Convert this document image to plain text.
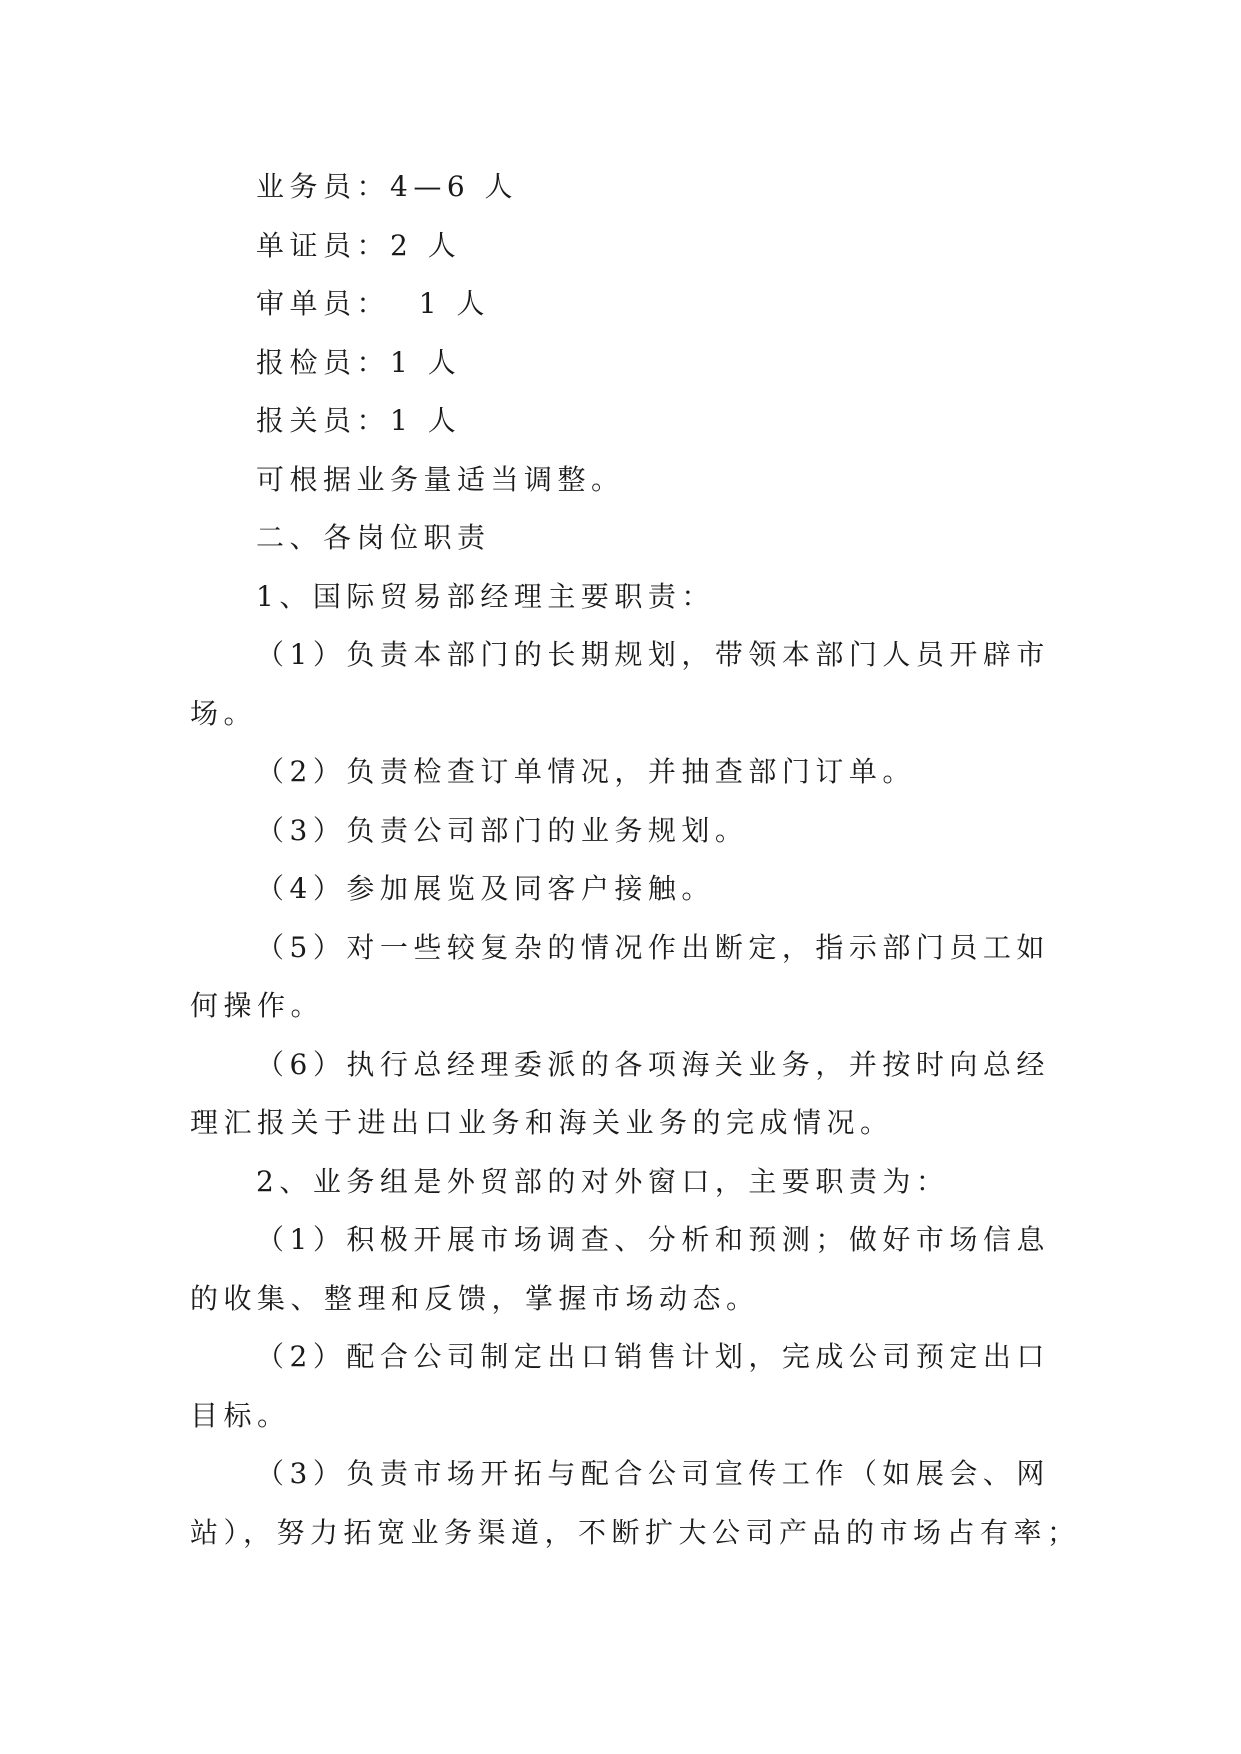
业务员：4—6 人
单证员：2 人
审单员：  1 人
报检员：1 人
报关员：1 人
可根据业务量适当调整。
二、各岗位职责
1、国际贸易部经理主要职责：
（1）负责本部门的长期规划，带领本部门人员开辟市
场。
（2）负责检查订单情况，并抽查部门订单。
（3）负责公司部门的业务规划。
（4）参加展览及同客户接触。
（5）对一些较复杂的情况作出断定，指示部门员工如
何操作。
（6）执行总经理委派的各项海关业务，并按时向总经
理汇报关于进出口业务和海关业务的完成情况。
2、业务组是外贸部的对外窗口，主要职责为：
（1）积极开展市场调查、分析和预测；做好市场信息
的收集、整理和反馈，掌握市场动态。
（2）配合公司制定出口销售计划，完成公司预定出口
目标。
（3）负责市场开拓与配合公司宣传工作（如展会、网
站），努力拓宽业务渠道，不断扩大公司产品的市场占有率；
